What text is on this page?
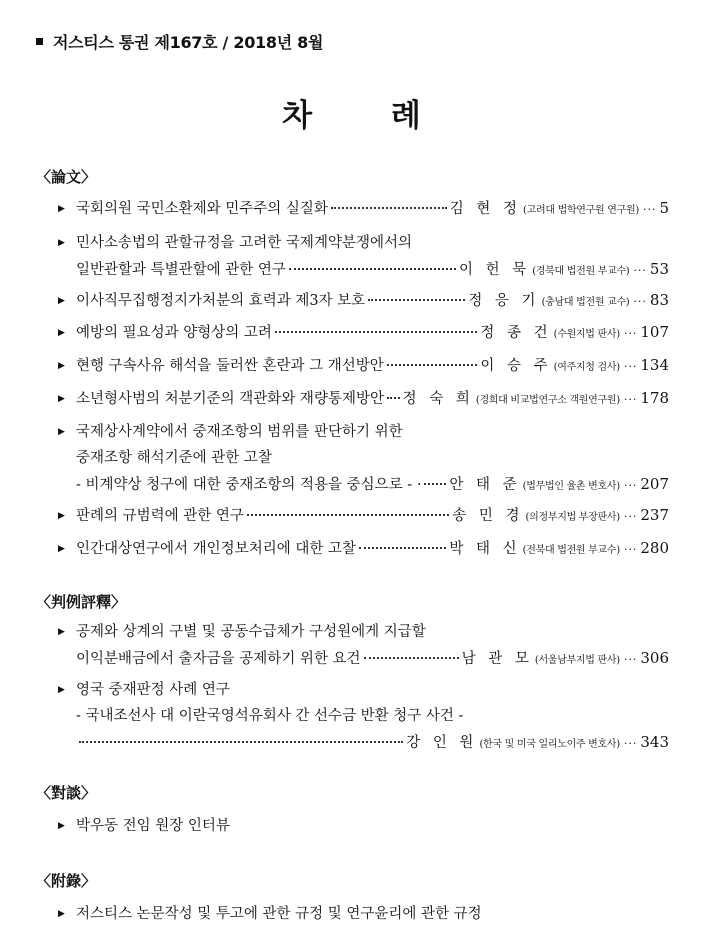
저스티스 통권 제167호 / 2018년 8월
차 례
〈論文〉
▶ 국회의원 국민소환제와 민주주의 실질화	김 현 정 (고려대 법학연구원 연구원) ··· 5
▶ 민사소송법의 관할규정을 고려한 국제계약분쟁에서의
일반관할과 특별관할에 관한 연구	이 헌 묵 (경북대 법전원 부교수) ··· 53
▶ 이사직무집행정지가처분의 효력과 제3자 보호	정 응 기 (충남대 법전원 교수) ··· 83
▶ 예방의 필요성과 양형상의 고려	정 종 건 (수원지법 판사) ··· 107
▶ 현행 구속사유 해석을 둘러싼 혼란과 그 개선방안	이 승 주 (여주지청 검사) ··· 134
▶ 소년형사범의 처분기준의 객관화와 재량통제방안 정 숙 희 (경희대 비교법연구소 객원연구원) ··· 178
▶ 국제상사계약에서 중재조항의 범위를 판단하기 위한
중재조항 해석기준에 관한 고찰
- 비계약상 청구에 대한 중재조항의 적용을 중심으로 - · 안 태 준 (법무법인 율촌 변호사) ··· 207
▶ 판례의 규범력에 관한 연구	송 민 경 (의정부지법 부장판사) ··· 237
▶ 인간대상연구에서 개인정보처리에 대한 고찰	박 태 신 (전북대 법전원 부교수) ··· 280
〈判例評釋〉
▶ 공제와 상계의 구별 및 공동수급체가 구성원에게 지급할
이익분배금에서 출자금을 공제하기 위한 요건	남 관 모 (서울남부지법 판사) ··· 306
▶ 영국 중재판정 사례 연구
- 국내조선사 대 이란국영석유회사 간 선수금 반환 청구 사건 -
강 인 원 (한국 및 미국 일리노이주 변호사) ··· 343
〈對談〉
▶ 박우동 전임 원장 인터뷰
〈附錄〉
▶ 저스티스 논문작성 및 투고에 관한 규정 및 연구윤리에 관한 규정
